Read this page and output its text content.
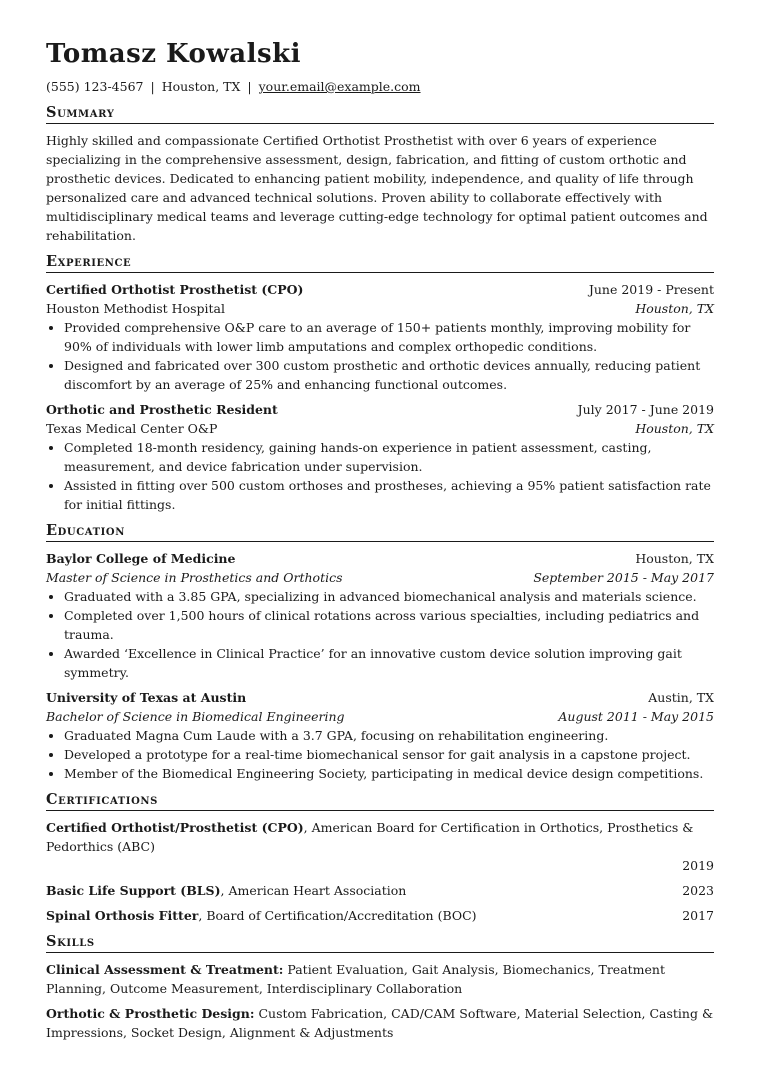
Tomasz Kowalski
(555) 123-4567 | Houston, TX | your.email@example.com
Summary

Highly skilled and compassionate Certified Orthotist Prosthetist with over 6 years of experience specializing in the comprehensive assessment, design, fabrication, and fitting of custom orthotic and prosthetic devices. Dedicated to enhancing patient mobility, independence, and quality of life through personalized care and advanced technical solutions. Proven ability to collaborate effectively with multidisciplinary medical teams and leverage cutting-edge technology for optimal patient outcomes and rehabilitation.

Experience
Certified Orthotist Prosthetist (CPO)	June 2019 - Present
Houston Methodist Hospital	Houston, TX
• Provided comprehensive O&P care to an average of 150+ patients monthly, improving mobility for 90% of individuals with lower limb amputations and complex orthopedic conditions.
• Designed and fabricated over 300 custom prosthetic and orthotic devices annually, reducing patient discomfort by an average of 25% and enhancing functional outcomes.
Orthotic and Prosthetic Resident	July 2017 - June 2019
Texas Medical Center O&P	Houston, TX
• Completed 18-month residency, gaining hands-on experience in patient assessment, casting, measurement, and device fabrication under supervision.
• Assisted in fitting over 500 custom orthoses and prostheses, achieving a 95% patient satisfaction rate for initial fittings.
Education
Baylor College of Medicine	Houston, TX
Master of Science in Prosthetics and Orthotics	September 2015 - May 2017
• Graduated with a 3.85 GPA, specializing in advanced biomechanical analysis and materials science.
• Completed over 1,500 hours of clinical rotations across various specialties, including pediatrics and trauma.
• Awarded ‘Excellence in Clinical Practice’ for an innovative custom device solution improving gait symmetry.
University of Texas at Austin	Austin, TX
Bachelor of Science in Biomedical Engineering	August 2011 - May 2015
• Graduated Magna Cum Laude with a 3.7 GPA, focusing on rehabilitation engineering.
• Developed a prototype for a real-time biomechanical sensor for gait analysis in a capstone project.
• Member of the Biomedical Engineering Society, participating in medical device design competitions.
Certifications
Certified Orthotist/Prosthetist (CPO), American Board for Certification in Orthotics, Prosthetics & Pedorthics (ABC)
2019
Basic Life Support (BLS), American Heart Association	2023
Spinal Orthosis Fitter, Board of Certification/Accreditation (BOC)	2017
Skills
Clinical Assessment & Treatment: Patient Evaluation, Gait Analysis, Biomechanics, Treatment Planning, Outcome Measurement, Interdisciplinary Collaboration
Orthotic & Prosthetic Design: Custom Fabrication, CAD/CAM Software, Material Selection, Casting & Impressions, Socket Design, Alignment & Adjustments
